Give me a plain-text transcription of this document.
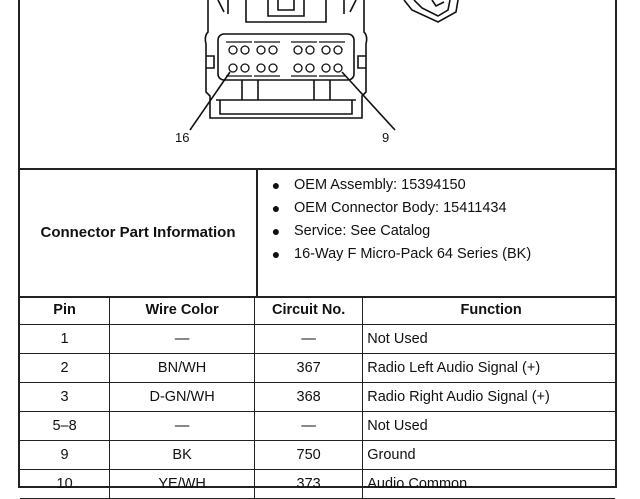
16	9
Connector Part Information
● OEM Assembly: 15394150
● OEM Connector Body: 15411434
● Service: See Catalog
● 16-Way F Micro-Pack 64 Series (BK)
Pin	Wire Color	Circuit No.	Function
1	—	—	Not Used
2	BN/WH	367	Radio Left Audio Signal (+)
3	D-GN/WH	368	Radio Right Audio Signal (+)
5–8	—	—	Not Used
9	BK	750	Ground
10	YE/WH	373	Audio Common
